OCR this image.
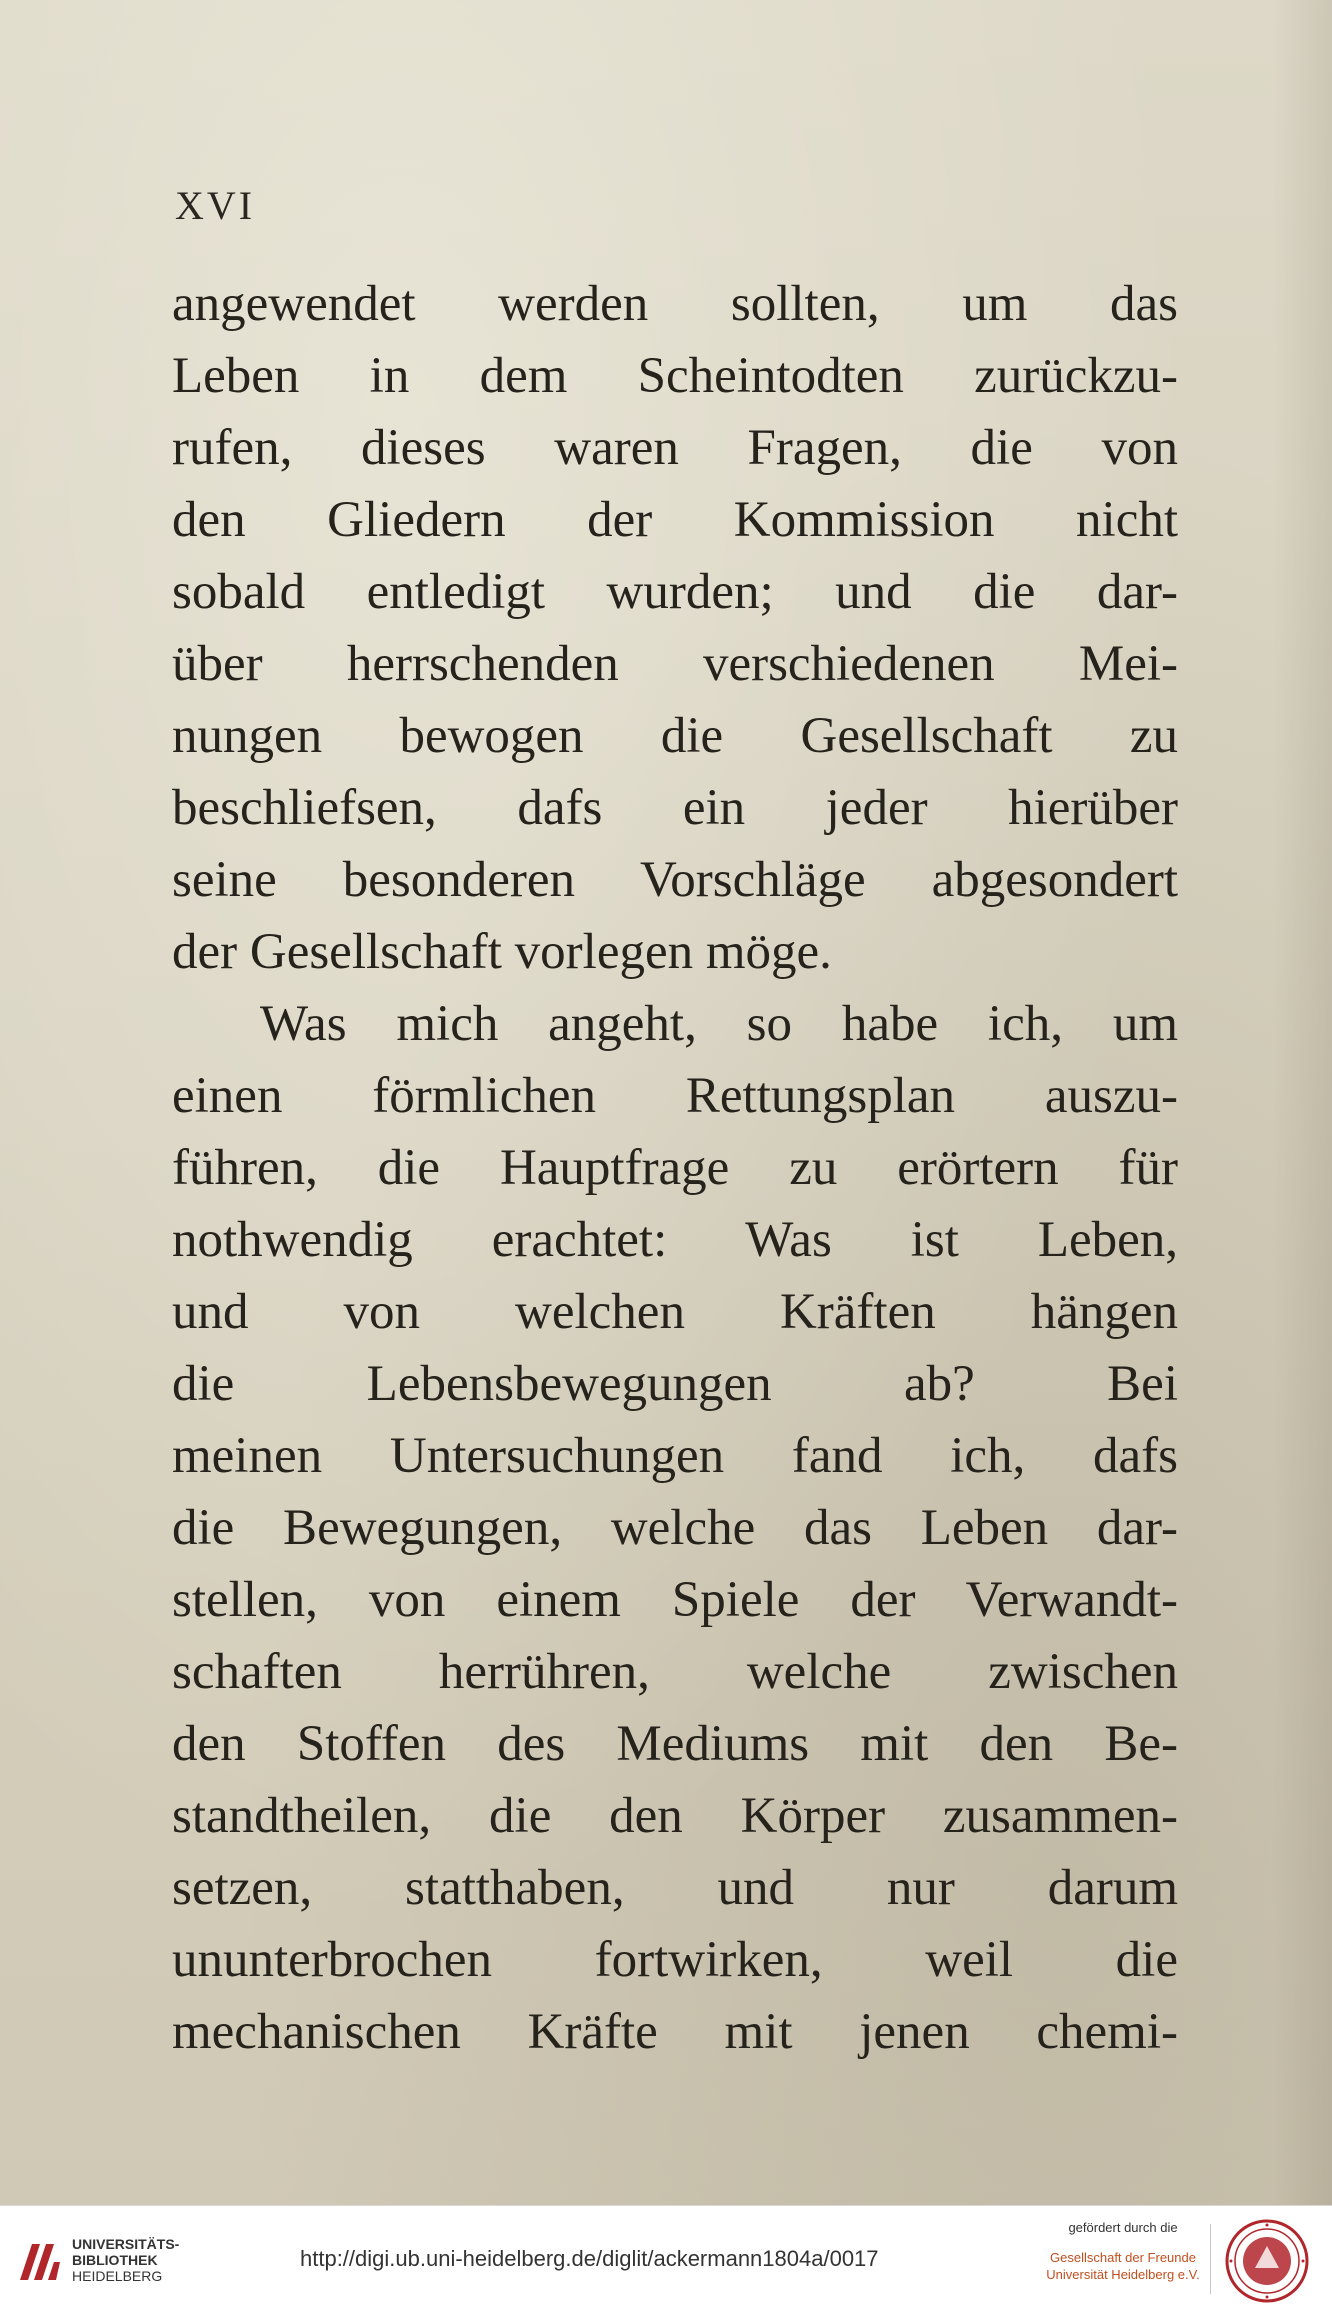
XVI
angewendet werden sollten, um das
Leben in dem Scheintodten zurückzu-
rufen, dieses waren Fragen, die von
den Gliedern der Kommission nicht
sobald entledigt wurden; und die dar-
über herrschenden verschiedenen Mei-
nungen bewogen die Gesellschaft zu
beschliefsen, dafs ein jeder hierüber
seine besonderen Vorschläge abgesondert
der Gesellschaft vorlegen möge.
Was mich angeht, so habe ich, um
einen förmlichen Rettungsplan auszu-
führen, die Hauptfrage zu erörtern für
nothwendig erachtet: Was ist Leben,
und von welchen Kräften hängen
die Lebensbewegungen ab? Bei
meinen Untersuchungen fand ich, dafs
die Bewegungen, welche das Leben dar-
stellen, von einem Spiele der Verwandt-
schaften herrühren, welche zwischen
den Stoffen des Mediums mit den Be-
standtheilen, die den Körper zusammen-
setzen, statthaben, und nur darum
ununterbrochen fortwirken, weil die
mechanischen Kräfte mit jenen chemi-
UNIVERSITÄTS-
BIBLIOTHEK
HEIDELBERG
http://digi.ub.uni-heidelberg.de/diglit/ackermann1804a/0017
gefördert durch die
Gesellschaft der Freunde
Universität Heidelberg e.V.
